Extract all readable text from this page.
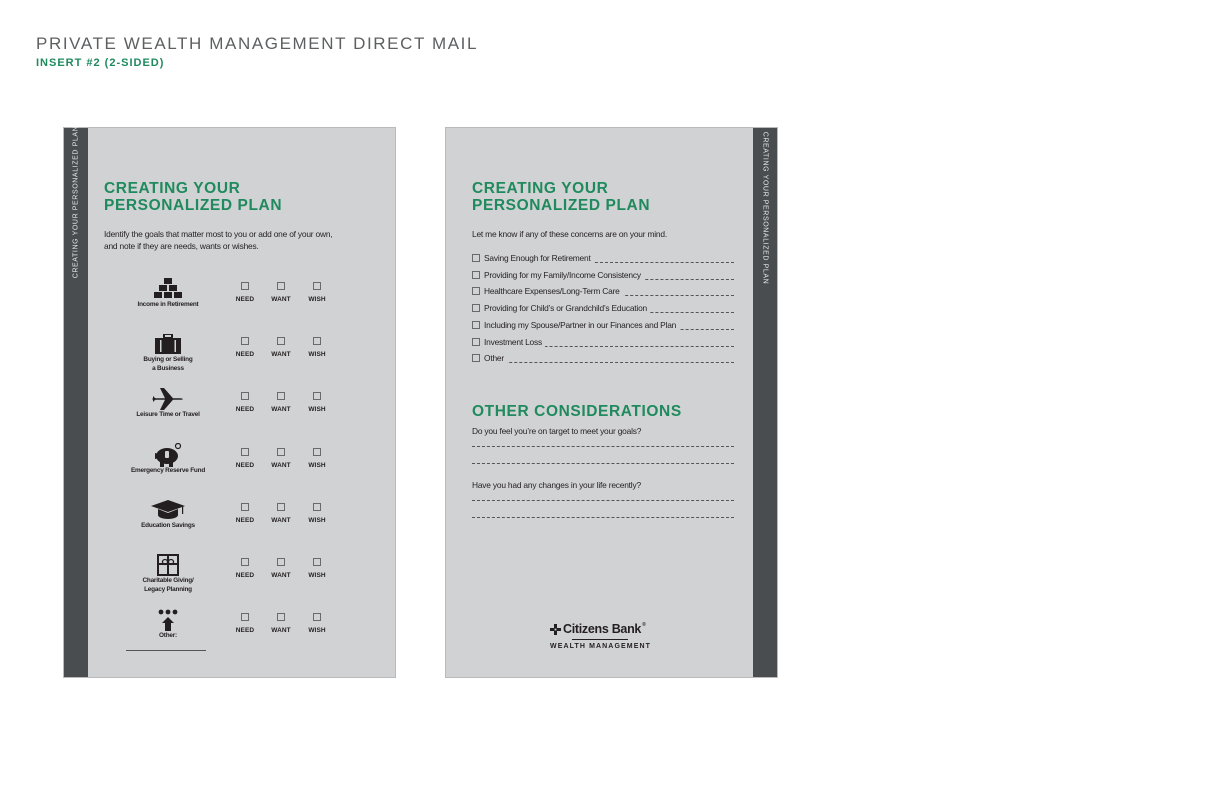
PRIVATE WEALTH MANAGEMENT DIRECT MAIL
INSERT #2 (2-SIDED)
CREATING YOUR PERSONALIZED PLAN CREATING YOUR
PERSONALIZED PLAN
Identify the goals that matter most to you or add one of your own,
and note if they are needs, wants or wishes.
Income in Retirement
NEED	WANT	WISH
Buying or Selling
a Business
NEED	WANT	WISH
Leisure Time or Travel
NEED	WANT	WISH
Emergency Reserve Fund
NEED	WANT	WISH
Education Savings
NEED	WANT	WISH
Charitable Giving/
Legacy Planning
NEED	WANT	WISH
Other:
NEED	WANT	WISH
CREATING YOUR PERSONALIZED PLAN
CREATING YOUR
PERSONALIZED PLAN
Let me know if any of these concerns are on your mind.
Saving Enough for Retirement
Providing for my Family/Income Consistency
Healthcare Expenses/Long-Term Care
Providing for Child’s or Grandchild’s Education
Including my Spouse/Partner in our Finances and Plan
Investment Loss
Other
OTHER CONSIDERATIONS
Do you feel you’re on target to meet your goals?
Have you had any changes in your life recently?
Citizens Bank ®
WEALTH MANAGEMENT
